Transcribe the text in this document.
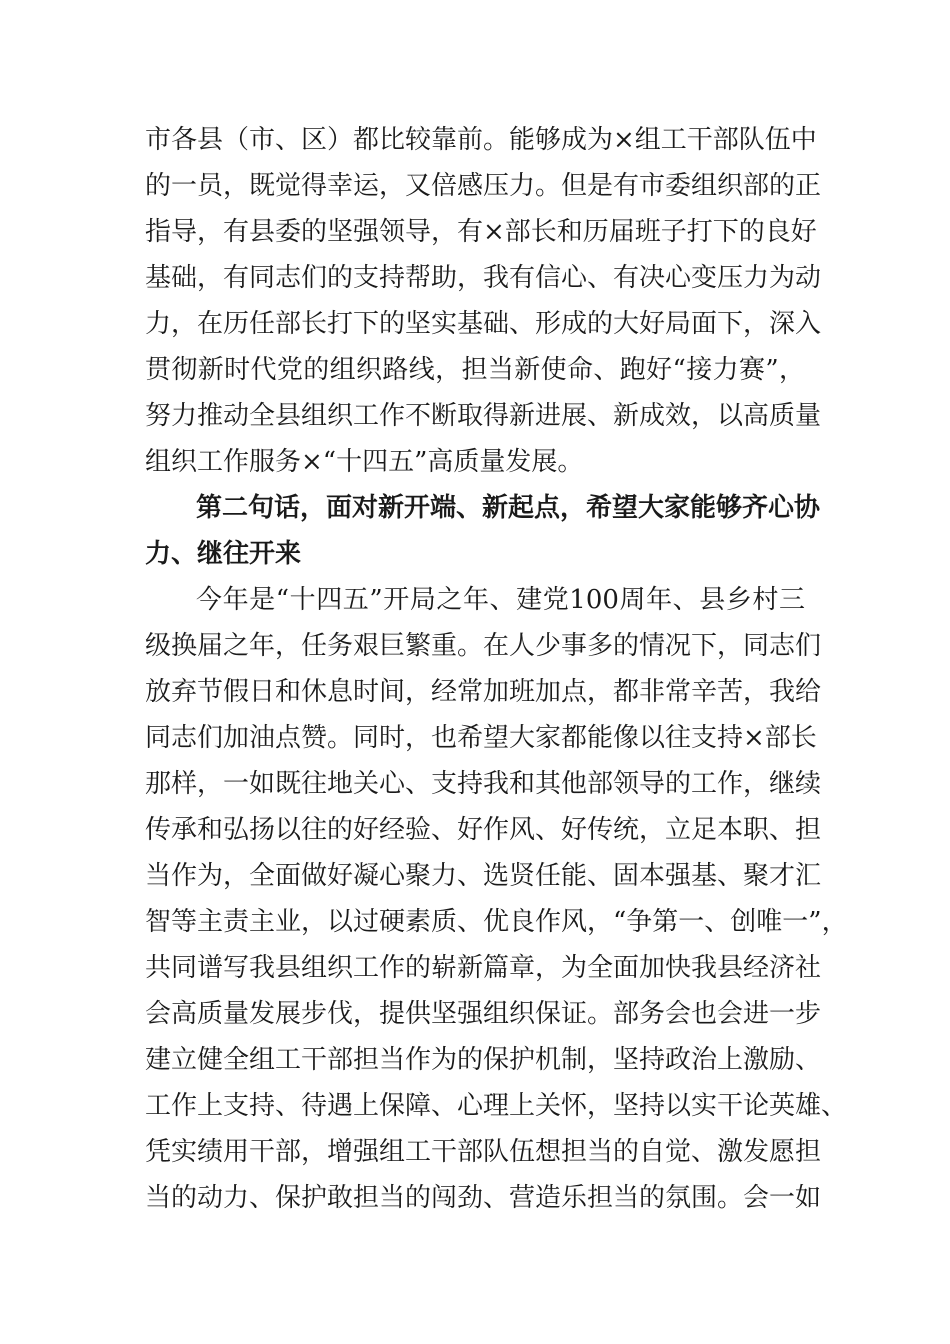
市各县（市、区）都比较靠前。能够成为×组工干部队伍中
的一员，既觉得幸运，又倍感压力。但是有市委组织部的正
指导，有县委的坚强领导，有×部长和历届班子打下的良好
基础，有同志们的支持帮助，我有信心、有决心变压力为动
力，在历任部长打下的坚实基础、形成的大好局面下，深入
贯彻新时代党的组织路线，担当新使命、跑好“接力赛”，
努力推动全县组织工作不断取得新进展、新成效，以高质量
组织工作服务×“十四五”高质量发展。
第二句话，面对新开端、新起点，希望大家能够齐心协
力、继往开来
今年是“十四五”开局之年、建党100周年、县乡村三
级换届之年，任务艰巨繁重。在人少事多的情况下，同志们
放弃节假日和休息时间，经常加班加点，都非常辛苦，我给
同志们加油点赞。同时，也希望大家都能像以往支持×部长
那样，一如既往地关心、支持我和其他部领导的工作，继续
传承和弘扬以往的好经验、好作风、好传统，立足本职、担
当作为，全面做好凝心聚力、选贤任能、固本强基、聚才汇
智等主责主业，以过硬素质、优良作风，“争第一、创唯一”，
共同谱写我县组织工作的崭新篇章，为全面加快我县经济社
会高质量发展步伐，提供坚强组织保证。部务会也会进一步
建立健全组工干部担当作为的保护机制，坚持政治上激励、
工作上支持、待遇上保障、心理上关怀，坚持以实干论英雄、
凭实绩用干部，增强组工干部队伍想担当的自觉、激发愿担
当的动力、保护敢担当的闯劲、营造乐担当的氛围。会一如
